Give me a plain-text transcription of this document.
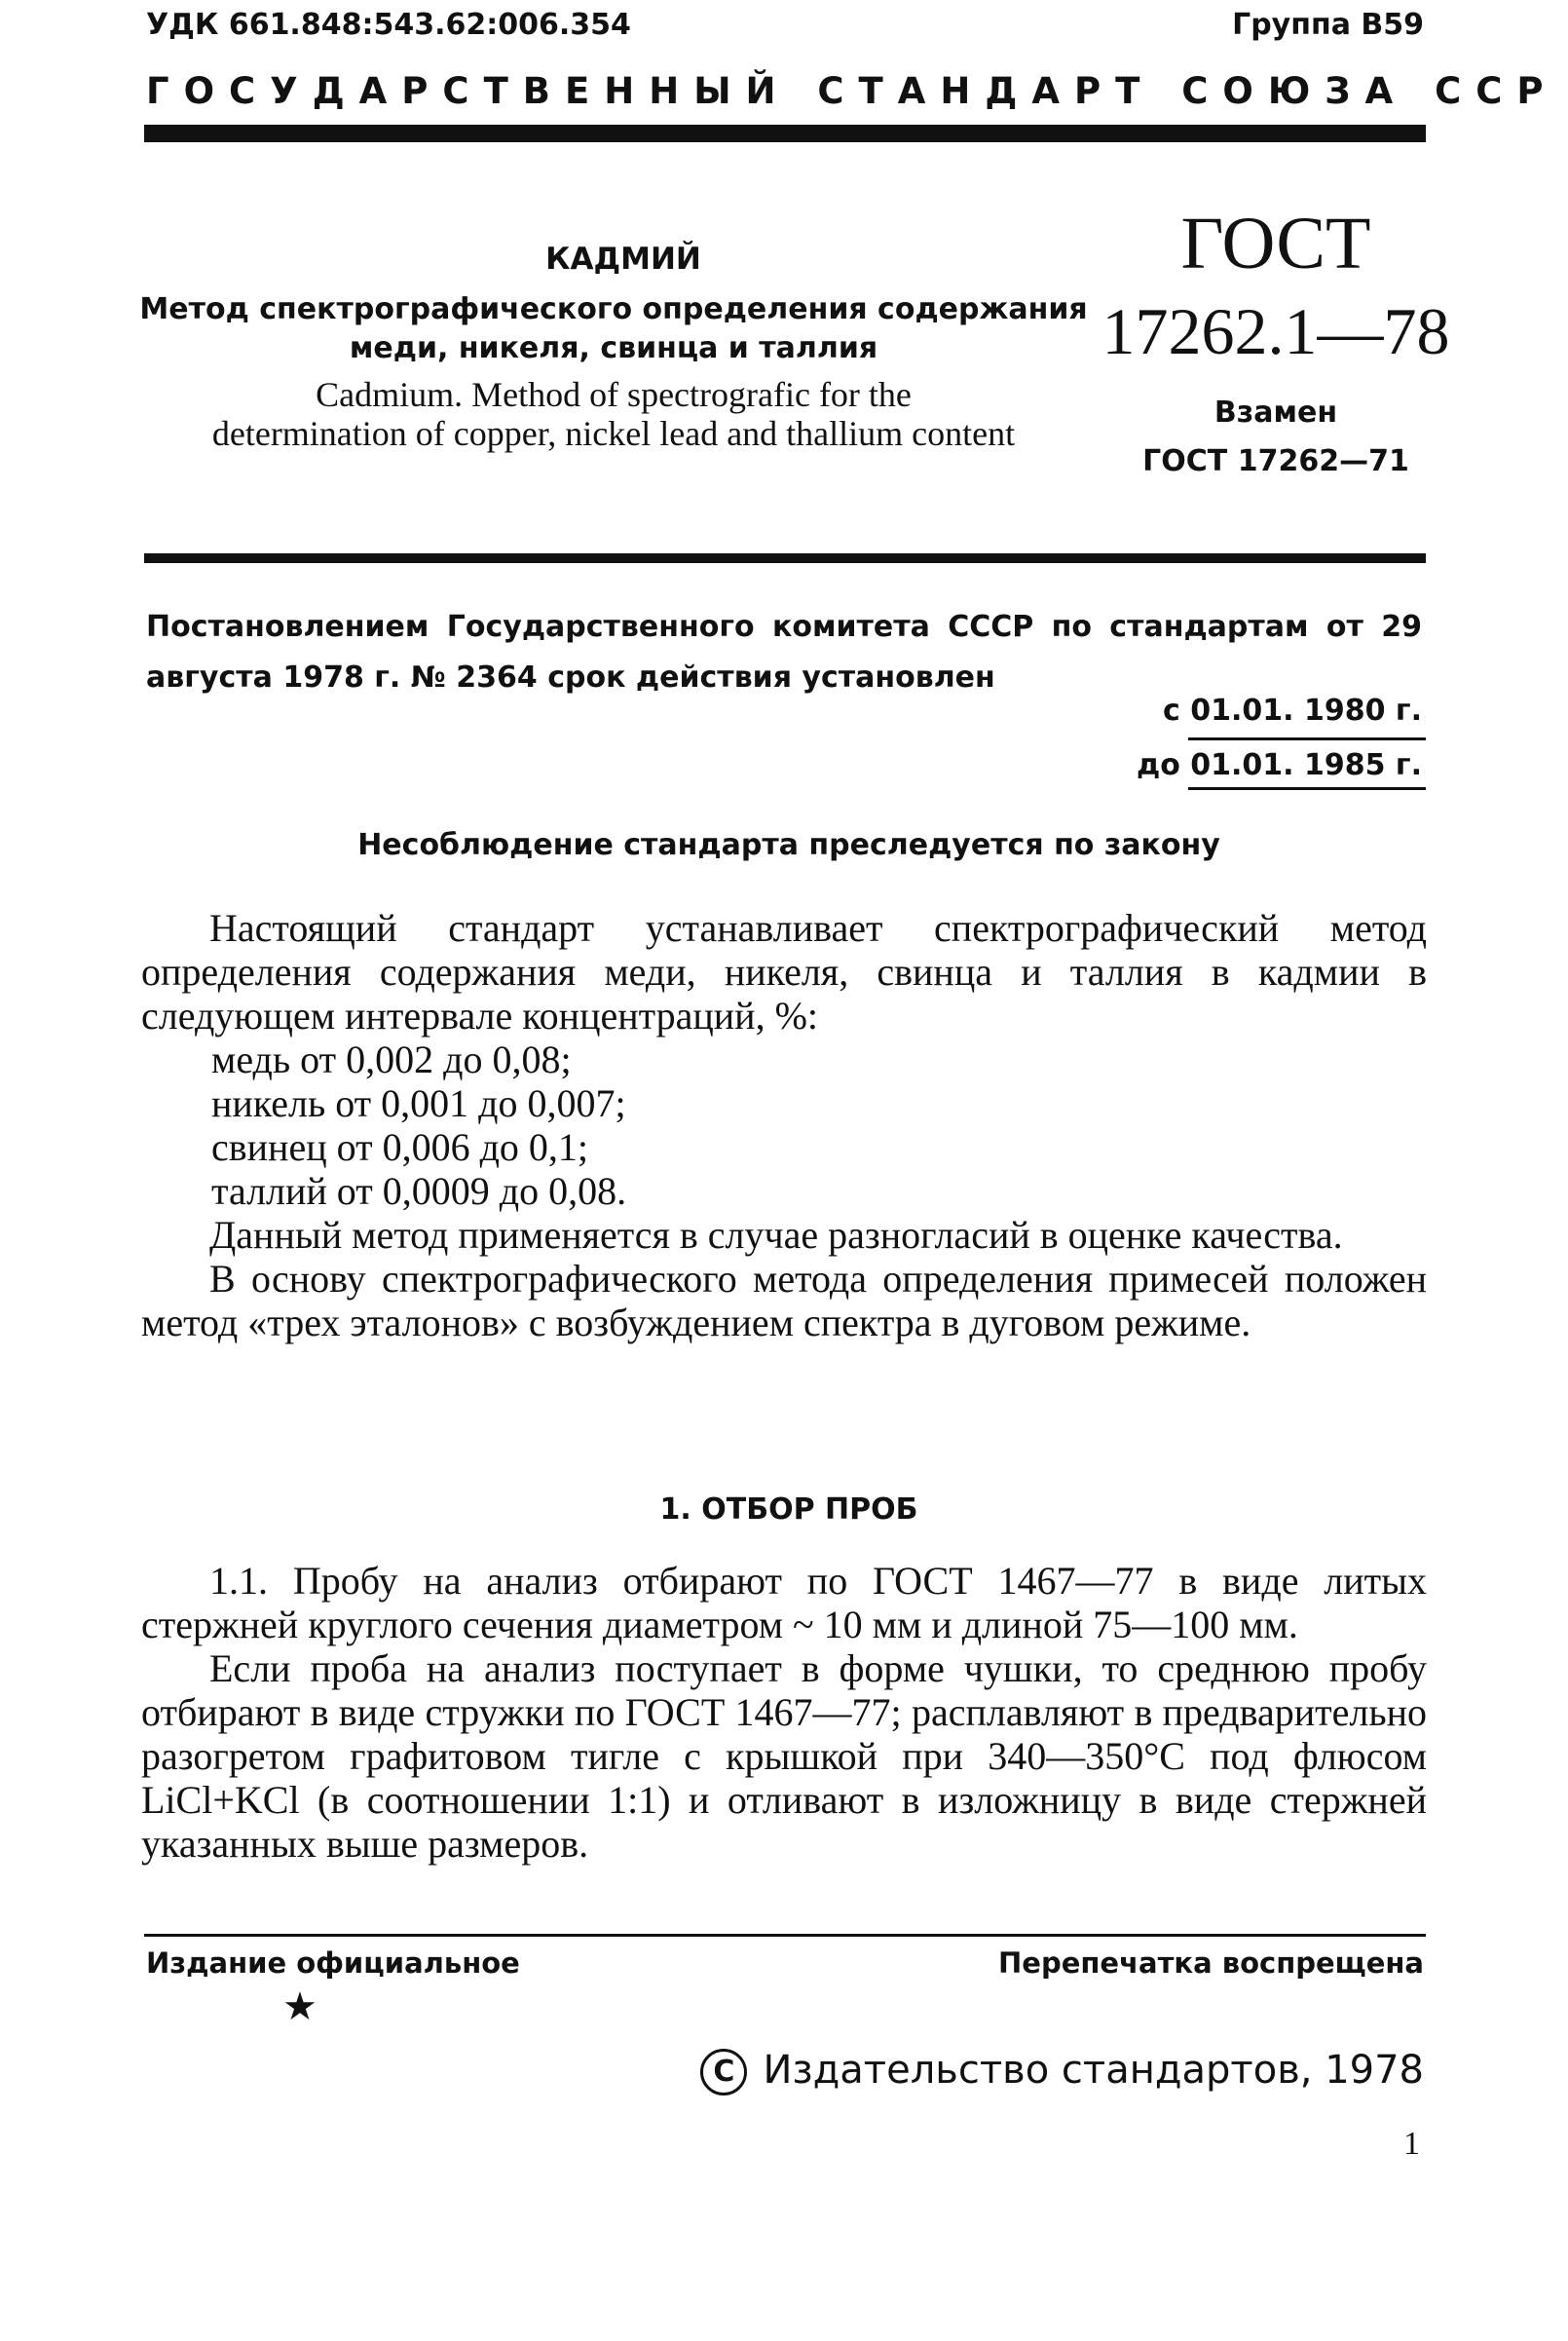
УДК 661.848:543.62:006.354	Группа В59
ГОСУДАРСТВЕННЫЙ СТАНДАРТ СОЮЗА ССР
КАДМИЙ
Метод спектрографического определения содержания
меди, никеля, свинца и таллия
Cadmium. Method of spectrografic for the
determination of copper, nickel lead and thallium content
ГОСТ
17262.1—78
Взамен
ГОСТ 17262—71
Постановлением Государственного комитета СССР по стандартам от 29 августа 1978 г. № 2364 срок действия установлен
с 01.01. 1980 г.
до 01.01. 1985 г.
Несоблюдение стандарта преследуется по закону

Настоящий стандарт устанавливает спектрографический метод определения содержания меди, никеля, свинца и таллия в кадмии в следующем интервале концентраций, %:

медь от 0,002 до 0,08;

никель от 0,001 до 0,007;

свинец от 0,006 до 0,1;

таллий от 0,0009 до 0,08.

Данный метод применяется в случае разногласий в оценке качества.

В основу спектрографического метода определения примесей положен метод «трех эталонов» с возбуждением спектра в дуговом режиме.

1. ОТБОР ПРОБ

1.1. Пробу на анализ отбирают по ГОСТ 1467—77 в виде литых стержней круглого сечения диаметром ~ 10 мм и длиной 75—100 мм.

Если проба на анализ поступает в форме чушки, то среднюю пробу отбирают в виде стружки по ГОСТ 1467—77; расплавляют в предварительно разогретом графитовом тигле с крышкой при 340—350°С под флюсом LiCl+KCl (в соотношении 1:1) и отливают в изложницу в виде стержней указанных выше размеров.

Издание официальное	Перепечатка воспрещена
★
C Издательство стандартов, 1978
1
